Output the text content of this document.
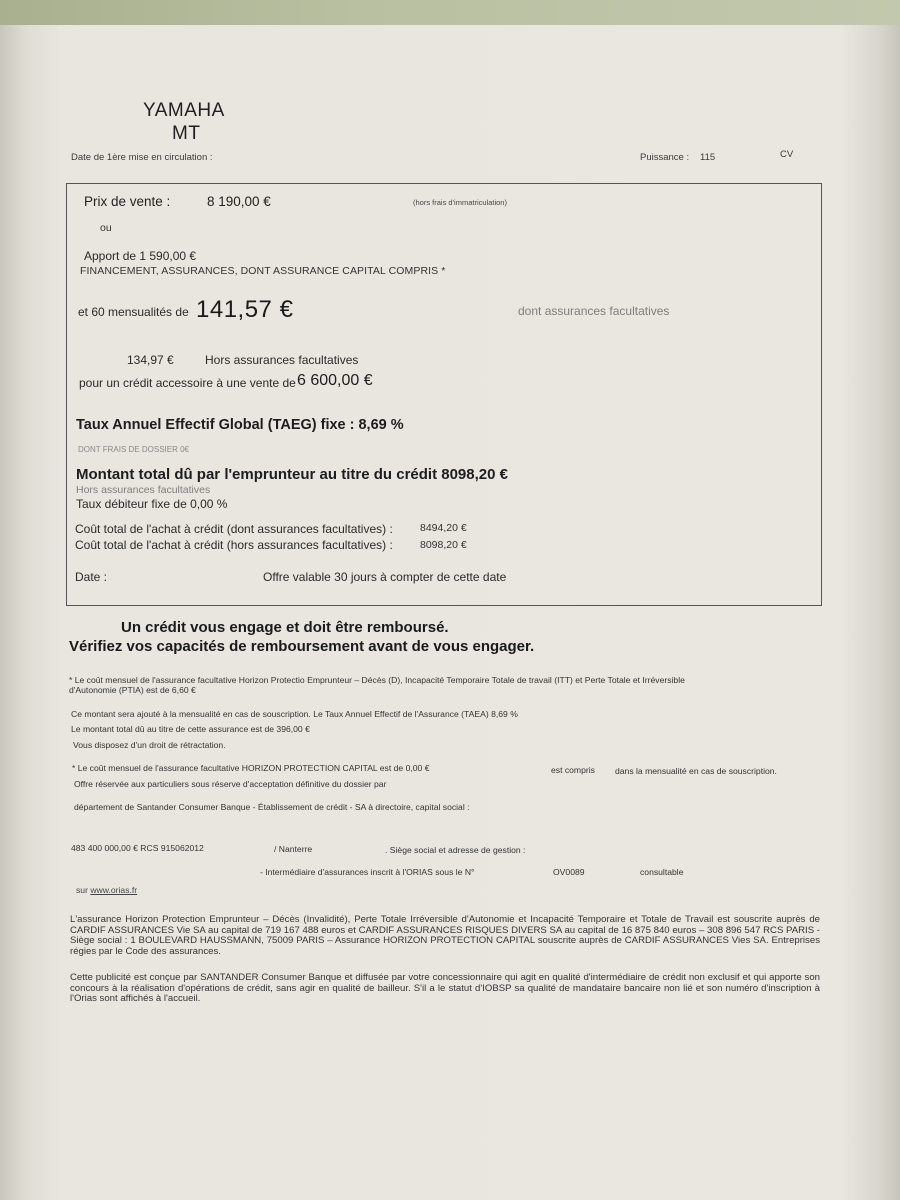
YAMAHA
MT
Date de 1ère mise en circulation :	Puissance : 115	CV
Prix de vente :	8 190,00 €	(hors frais d'immatriculation)
ou
Apport de 1 590,00 €
FINANCEMENT, ASSURANCES, DONT ASSURANCE CAPITAL COMPRIS *
et 60 mensualités de 141,57 €	dont assurances facultatives
134,97 €	Hors assurances facultatives
pour un crédit accessoire à une vente de 6 600,00 €
Taux Annuel Effectif Global (TAEG) fixe : 8,69 %
DONT FRAIS DE DOSSIER 0€
Montant total dû par l'emprunteur au titre du crédit 8098,20 €
Hors assurances facultatives
Taux débiteur fixe de 0,00 %
Coût total de l'achat à crédit (dont assurances facultatives) :	8494,20 €
Coût total de l'achat à crédit (hors assurances facultatives) :	8098,20 €
Date :	Offre valable 30 jours à compter de cette date
Un crédit vous engage et doit être remboursé.
Vérifiez vos capacités de remboursement avant de vous engager.
* Le coût mensuel de l'assurance facultative Horizon Protectio Emprunteur – Décès (D), Incapacité Temporaire Totale de travail (ITT) et Perte Totale et Irréversible
d'Autonomie (PTIA) est de 6,60 €
Ce montant sera ajouté à la mensualité en cas de souscription. Le Taux Annuel Effectif de l'Assurance (TAEA) 8,69 %
Le montant total dû au titre de cette assurance est de 396,00 €
Vous disposez d'un droit de rétractation.
* Le coût mensuel de l'assurance facultative HORIZON PROTECTION CAPITAL est de 0,00 €	est compris dans la mensualité en cas de souscription.
Offre réservée aux particuliers sous réserve d'acceptation définitive du dossier par
département de Santander Consumer Banque - Établissement de crédit - SA à directoire, capital social :
483 400 000,00 € RCS 915062012	/ Nanterre	. Siège social et adresse de gestion :
- Intermédiaire d'assurances inscrit à l'ORIAS sous le N°	OV0089	consultable
sur www.orias.fr
L'assurance Horizon Protection Emprunteur – Décès (Invalidité), Perte Totale Irréversible d'Autonomie et Incapacité Temporaire et Totale de Travail est souscrite auprès de CARDIF ASSURANCES Vie SA au capital de 719 167 488 euros et CARDIF ASSURANCES RISQUES DIVERS SA au capital de 16 875 840 euros – 308 896 547 RCS PARIS - Siège social : 1 BOULEVARD HAUSSMANN, 75009 PARIS – Assurance HORIZON PROTECTION CAPITAL souscrite auprès de CARDIF ASSURANCES Vies SA. Entreprises régies par le Code des assurances.
Cette publicité est conçue par SANTANDER Consumer Banque et diffusée par votre concessionnaire qui agit en qualité d'intermédiaire de crédit non exclusif et qui apporte son concours à la réalisation d'opérations de crédit, sans agir en qualité de bailleur. S'il a le statut d'IOBSP sa qualité de mandataire bancaire non lié et son numéro d'inscription à l'Orias sont affichés à l'accueil.
